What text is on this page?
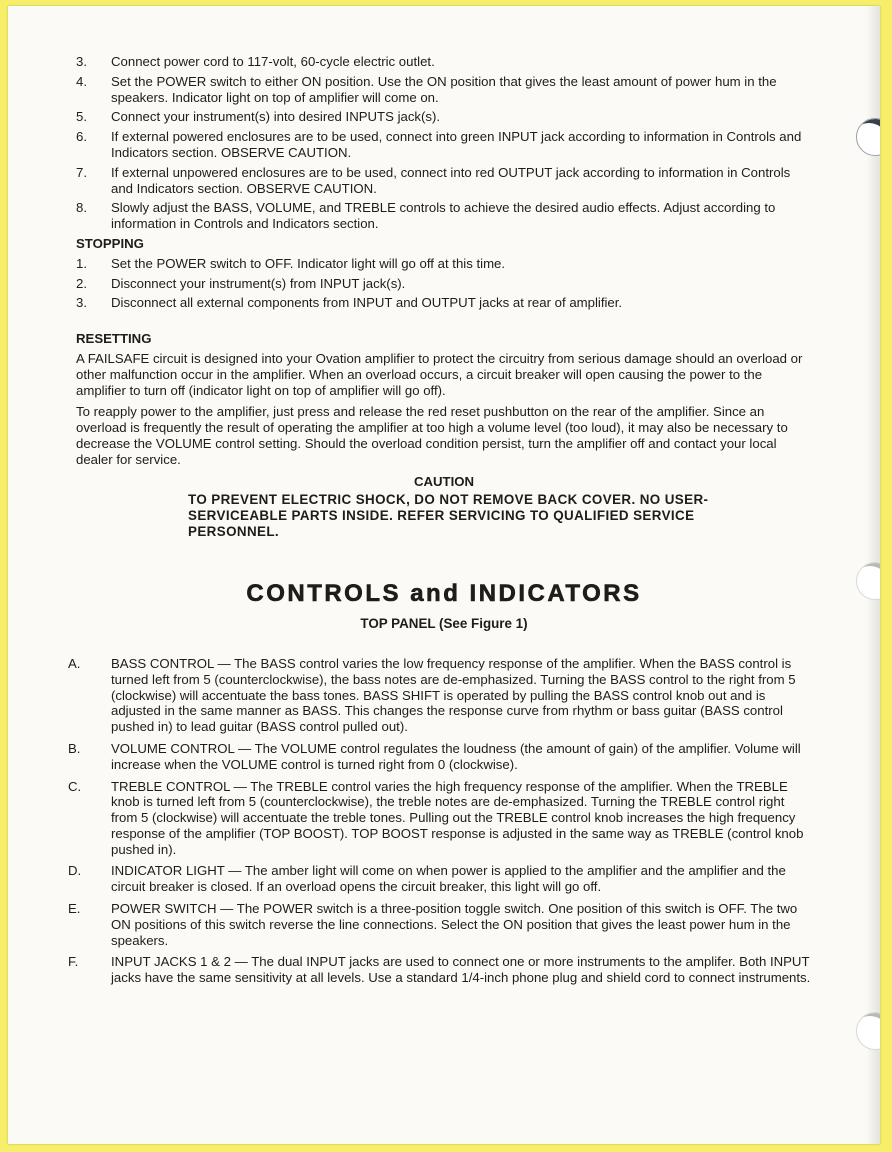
3.	Connect power cord to 117-volt, 60-cycle electric outlet.
4.	Set the POWER switch to either ON position. Use the ON position that gives the least amount of power hum in the speakers. Indicator light on top of amplifier will come on.
5.	Connect your instrument(s) into desired INPUTS jack(s).
6.	If external powered enclosures are to be used, connect into green INPUT jack according to information in Controls and Indicators section. OBSERVE CAUTION.
7.	If external unpowered enclosures are to be used, connect into red OUTPUT jack according to information in Controls and Indicators section. OBSERVE CAUTION.
8.	Slowly adjust the BASS, VOLUME, and TREBLE controls to achieve the desired audio effects. Adjust according to information in Controls and Indicators section.
STOPPING
1.	Set the POWER switch to OFF. Indicator light will go off at this time.
2.	Disconnect your instrument(s) from INPUT jack(s).
3.	Disconnect all external components from INPUT and OUTPUT jacks at rear of amplifier.
RESETTING

A FAILSAFE circuit is designed into your Ovation amplifier to protect the circuitry from serious damage should an overload or other malfunction occur in the amplifier. When an overload occurs, a circuit breaker will open causing the power to the amplifier to turn off (indicator light on top of amplifier will go off).

To reapply power to the amplifier, just press and release the red reset pushbutton on the rear of the amplifier. Since an overload is frequently the result of operating the amplifier at too high a volume level (too loud), it may also be necessary to decrease the VOLUME control setting. Should the overload condition persist, turn the amplifier off and contact your local dealer for service.

CAUTION
TO PREVENT ELECTRIC SHOCK, DO NOT REMOVE BACK COVER. NO USER-SERVICEABLE PARTS INSIDE. REFER SERVICING TO QUALIFIED SERVICE PERSONNEL.
CONTROLS and INDICATORS
TOP PANEL (See Figure 1)
A.	BASS CONTROL — The BASS control varies the low frequency response of the amplifier. When the BASS control is turned left from 5 (counterclockwise), the bass notes are de-emphasized. Turning the BASS control to the right from 5 (clockwise) will accentuate the bass tones. BASS SHIFT is operated by pulling the BASS control knob out and is adjusted in the same manner as BASS. This changes the response curve from rhythm or bass guitar (BASS control pushed in) to lead guitar (BASS control pulled out).
B.	VOLUME CONTROL — The VOLUME control regulates the loudness (the amount of gain) of the amplifier. Volume will increase when the VOLUME control is turned right from 0 (clockwise).
C.	TREBLE CONTROL — The TREBLE control varies the high frequency response of the amplifier. When the TREBLE knob is turned left from 5 (counterclockwise), the treble notes are de-emphasized. Turning the TREBLE control right from 5 (clockwise) will accentuate the treble tones. Pulling out the TREBLE control knob increases the high frequency response of the amplifier (TOP BOOST). TOP BOOST response is adjusted in the same way as TREBLE (control knob pushed in).
D.	INDICATOR LIGHT — The amber light will come on when power is applied to the amplifier and the amplifier and the circuit breaker is closed. If an overload opens the circuit breaker, this light will go off.
E.	POWER SWITCH — The POWER switch is a three-position toggle switch. One position of this switch is OFF. The two ON positions of this switch reverse the line connections. Select the ON position that gives the least power hum in the speakers.
F.	INPUT JACKS 1 & 2 — The dual INPUT jacks are used to connect one or more instruments to the amplifer. Both INPUT jacks have the same sensitivity at all levels. Use a standard 1/4-inch phone plug and shield cord to connect instruments.
